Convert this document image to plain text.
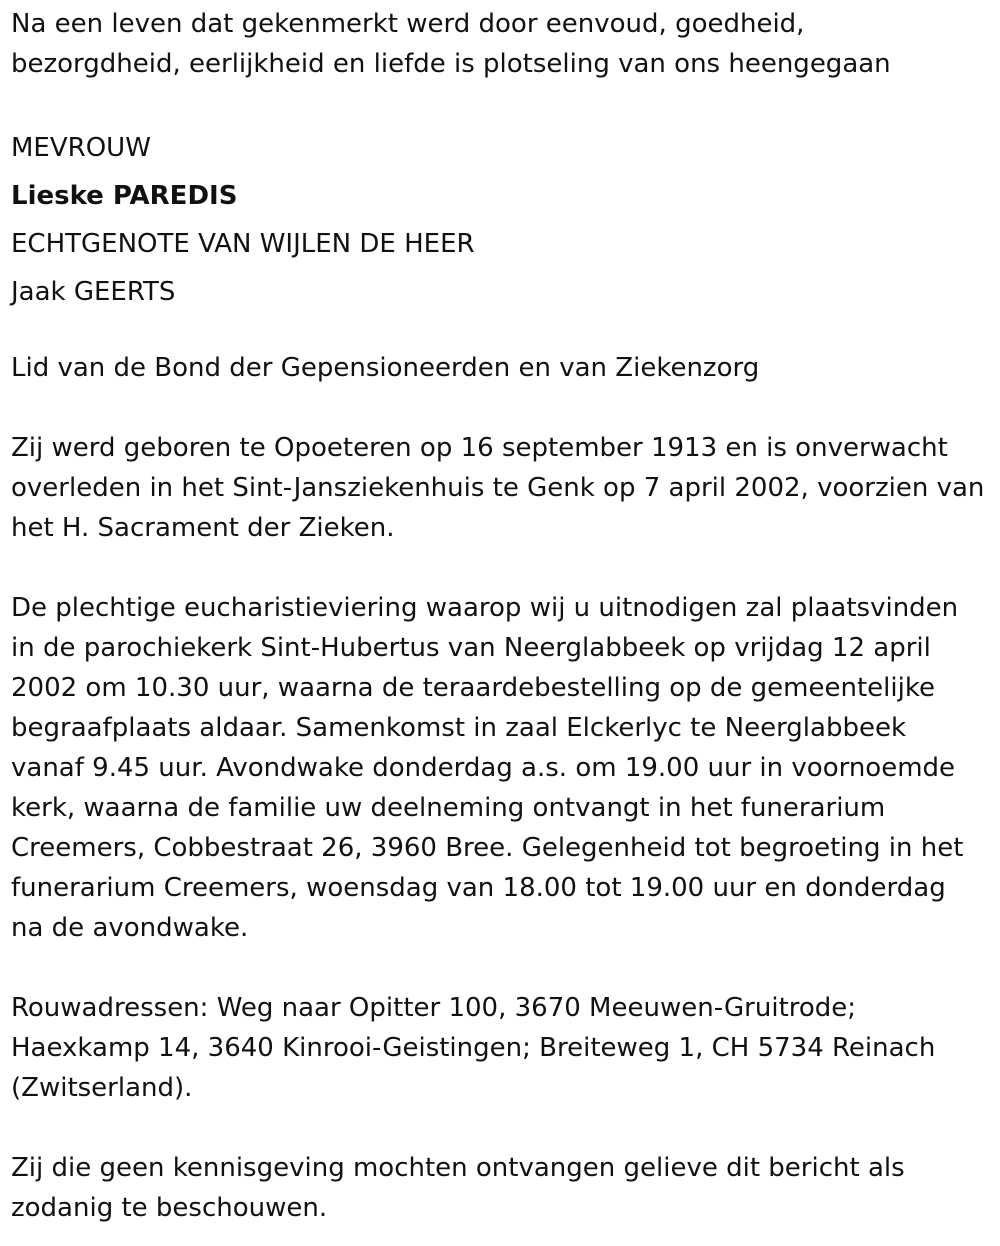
Na een leven dat gekenmerkt werd door eenvoud, goedheid,

bezorgdheid, eerlijkheid en liefde is plotseling van ons heengegaan

MEVROUW

Lieske PAREDIS

ECHTGENOTE VAN WIJLEN DE HEER

Jaak GEERTS

Lid van de Bond der Gepensioneerden en van Ziekenzorg

Zij werd geboren te Opoeteren op 16 september 1913 en is onverwacht

overleden in het Sint-Jansziekenhuis te Genk op 7 april 2002, voorzien van

het H. Sacrament der Zieken.

De plechtige eucharistieviering waarop wij u uitnodigen zal plaatsvinden

in de parochiekerk Sint-Hubertus van Neerglabbeek op vrijdag 12 april

2002 om 10.30 uur, waarna de teraardebestelling op de gemeentelijke

begraafplaats aldaar. Samenkomst in zaal Elckerlyc te Neerglabbeek

vanaf 9.45 uur. Avondwake donderdag a.s. om 19.00 uur in voornoemde

kerk, waarna de familie uw deelneming ontvangt in het funerarium

Creemers, Cobbestraat 26, 3960 Bree. Gelegenheid tot begroeting in het

funerarium Creemers, woensdag van 18.00 tot 19.00 uur en donderdag

na de avondwake.

Rouwadressen: Weg naar Opitter 100, 3670 Meeuwen-Gruitrode;

Haexkamp 14, 3640 Kinrooi-Geistingen; Breiteweg 1, CH 5734 Reinach

(Zwitserland).

Zij die geen kennisgeving mochten ontvangen gelieve dit bericht als

zodanig te beschouwen.
